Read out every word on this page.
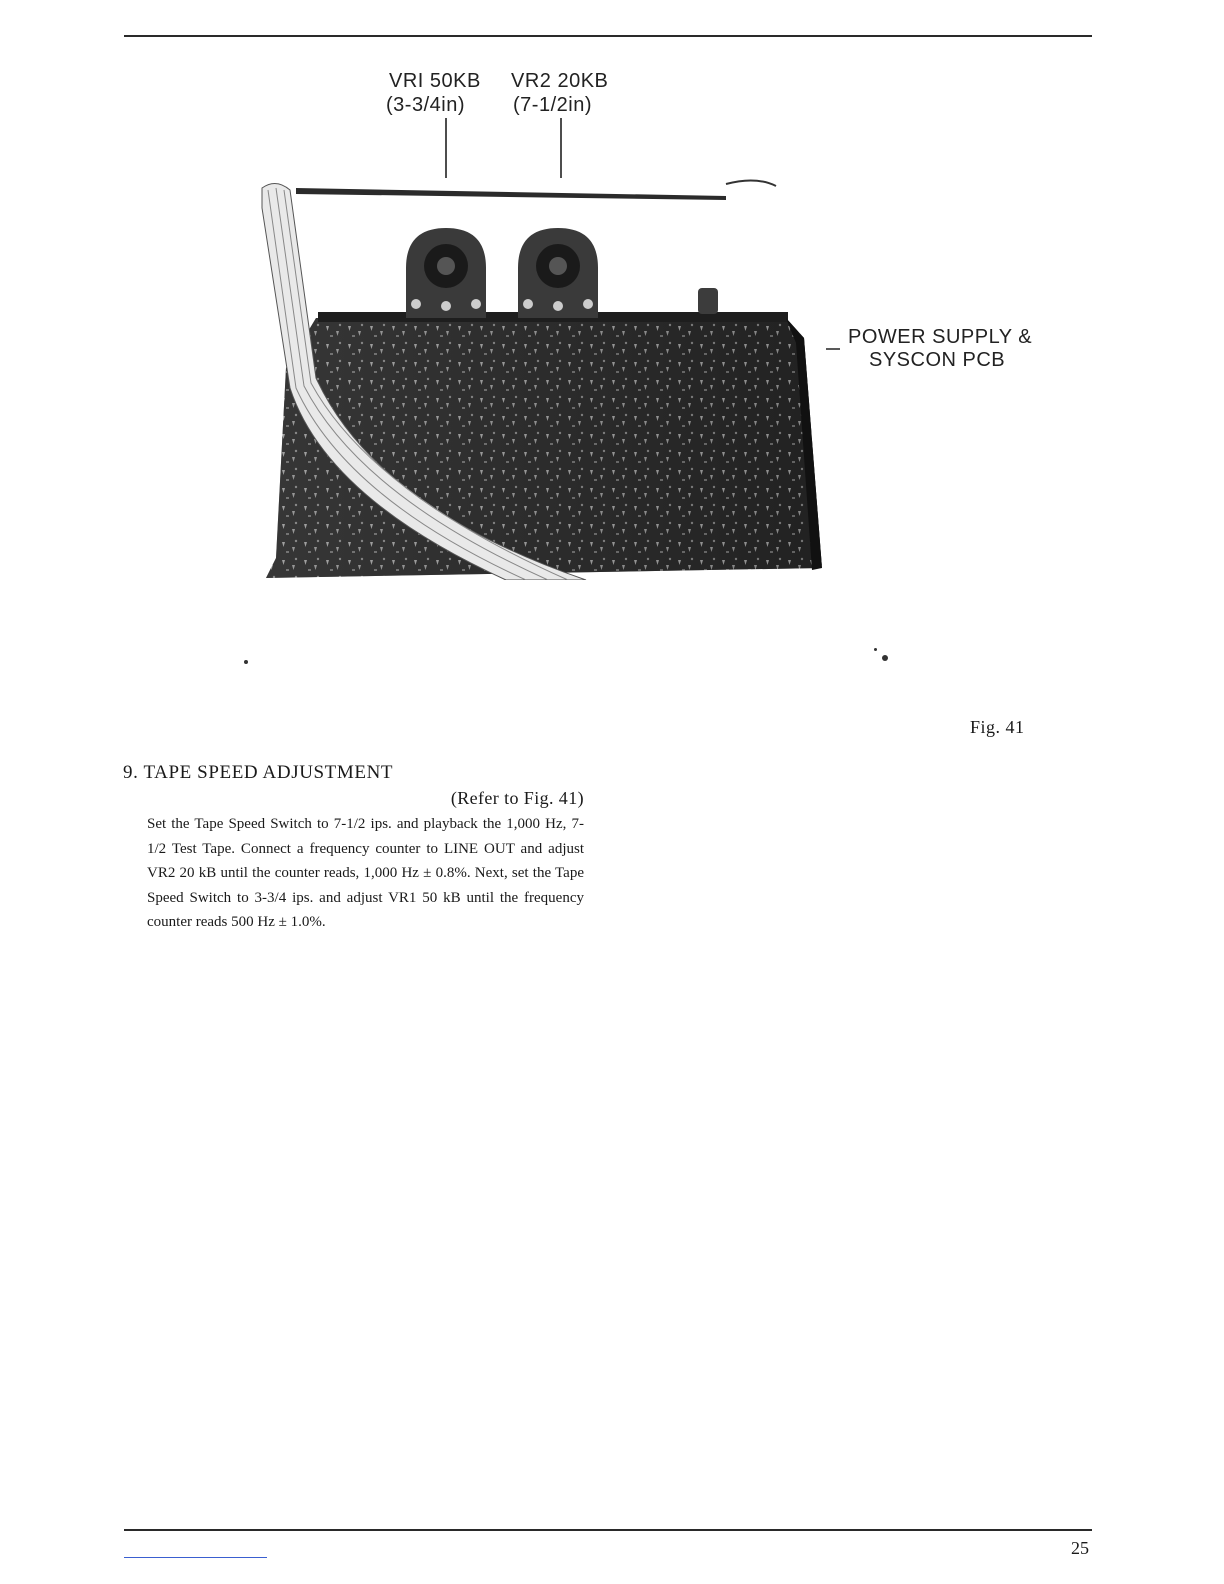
VRI 50KB
(3-3/4in)
VR2 20KB
(7-1/2in)
POWER SUPPLY &
SYSCON PCB
Fig. 41
9. TAPE SPEED ADJUSTMENT
(Refer to Fig. 41)
Set the Tape Speed Switch to 7-1/2 ips. and playback the 1,000 Hz, 7-1/2 Test Tape. Connect a frequency counter to LINE OUT and adjust VR2 20 kB until the counter reads, 1,000 Hz ± 0.8%. Next, set the Tape Speed Switch to 3-3/4 ips. and adjust VR1 50 kB until the frequency counter reads 500 Hz ± 1.0%.
25
